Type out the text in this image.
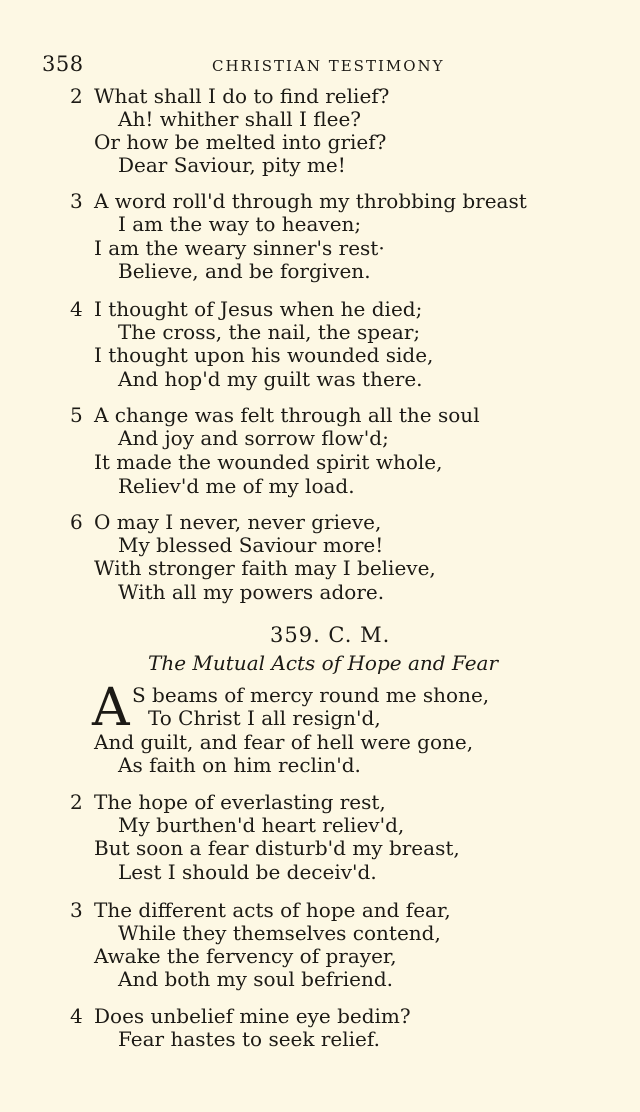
358	CHRISTIAN TESTIMONY
2 What shall I do to find relief?
Ah! whither shall I flee?
Or how be melted into grief?
Dear Saviour, pity me!
3 A word roll'd through my throbbing breast
I am the way to heaven;
I am the weary sinner's rest·
Believe, and be forgiven.
4 I thought of Jesus when he died;
The cross, the nail, the spear;
I thought upon his wounded side,
And hop'd my guilt was there.
5 A change was felt through all the soul
And joy and sorrow flow'd;
It made the wounded spirit whole,
Reliev'd me of my load.
6 O may I never, never grieve,
My blessed Saviour more!
With stronger faith may I believe,
With all my powers adore.
359. C. M.
The Mutual Acts of Hope and Fear
A S beams of mercy round me shone,
To Christ I all resign'd,
And guilt, and fear of hell were gone,
As faith on him reclin'd.
2 The hope of everlasting rest,
My burthen'd heart reliev'd,
But soon a fear disturb'd my breast,
Lest I should be deceiv'd.
3 The different acts of hope and fear,
While they themselves contend,
Awake the fervency of prayer,
And both my soul befriend.
4 Does unbelief mine eye bedim?
Fear hastes to seek relief.
